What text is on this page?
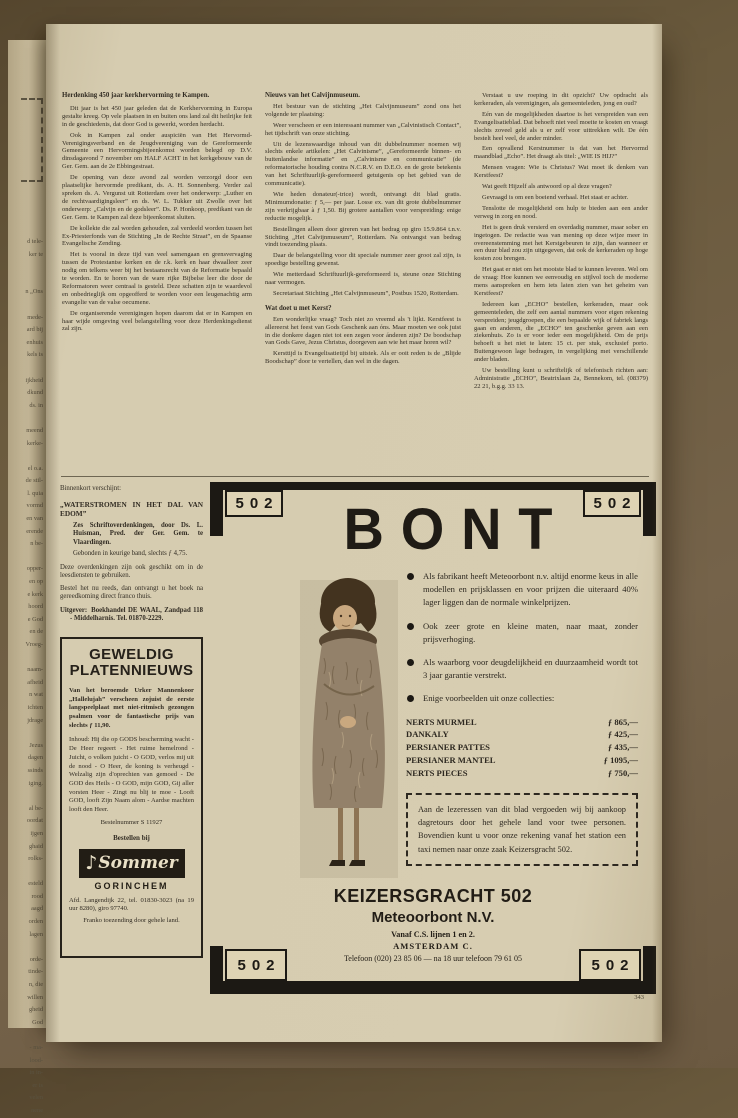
d tele-
ker te
n „Ons
mede-
ard bij
enhuis
kels is
ijkheid
dkund
ds. in
meend
kerke-
el o.a.
de stil-
l. quia
vormd
en van
erende
n be-
opper-
en op
e kerk
hoord
e God
en de
Vroeg-
naam-
afheid
n wat
ichten
jdrage
Jezus
dagen
ssinds
iging.
al be-
oordat
ijgen
ghaid
rolks-
esteld
rood
aagd
orden
lagen
orde-
tinde-
n, die
willen
gheid
God
- ma-
lood-
in in-
er is
velen
nene
Herdenking 450 jaar kerkhervorming te Kampen.

Dit jaar is het 450 jaar geleden dat de Kerkhervorming in Europa gestalte kreeg. Op vele plaatsen in en buiten ons land zal dit heilrijke feit in de geschiedenis, dat door God is gewerkt, worden herdacht.

Ook in Kampen zal onder auspiciën van Het Hervormd- Verenigingsverband en de Jeugdvereniging van de Gereformeerde Gemeente een Hervormingsbijeenkomst worden belegd op D.V. dinsdagavond 7 november om HALF ACHT in het kerkgebouw van de Ger. Gem. aan de 2e Ebbingestraat.

De opening van deze avond zal worden verzorgd door een plaatselijke hervormde predikant, ds. A. H. Sonnenberg. Verder zal spreken ds. A. Vergunst uit Rotterdam over het onderwerp: „Luther en de rechtvaardigingsleer” en ds. W. L. Tukker uit Zwolle over het onderwerp: „Calvijn en de godsleer”. Ds. P. Honkoop, predikant van de Ger. Gem. te Kampen zal deze bijeenkomst sluiten.

De kollekte die zal worden gehouden, zal verdeeld worden tussen het Ex-Priesterfonds van de Stichting „In de Rechte Straat”, en de Spaanse Evangelische Zending.

Het is vooral in deze tijd van veel samengaan en grensvervaging tussen de Protestantse kerken en de r.k. kerk en haar dwaalleer zeer nodig om telkens weer bij het bestaansrecht van de Reformatie bepaald te worden. En te horen van de ware rijke Bijbelse leer die door de Reformatoren weer centraal is gesteld. Deze schatten zijn te waardevol en onbedrieglijk om opgeofferd te worden voor een leugenachtig arm evangelie van de valse oecumene.

De organiserende verenigingen hopen daarom dat er in Kampen en haar wijde omgeving veel belangstelling voor deze Herdenkingsdienst zal zijn.

Nieuws van het Calvijnmuseum.

Het bestuur van de stichting „Het Calvijnmuseum” zond ons het volgende ter plaatsing:

Weer verscheen er een interessant nummer van „Calvinistisch Contact”, het tijdschrift van onze stichting.

Uit de lezenswaardige inhoud van dit dubbelnummer noemen wij slechts enkele artikelen: „Het Calvinisme”, „Gereformeerde binnen- en buitenlandse informatie” en „Calvinisme en communicatie” (de reformatorische houding contra N.C.R.V. en D.E.O. en de grote betekenis van het Schriftuurlijk-gereformeerd getuigenis op het gebied van de communicatie).

Wie heden donateur(-trice) wordt, ontvangt dit blad gratis. Minimumdonatie: ƒ 5,— per jaar. Losse ex. van dit grote dubbelnummer zijn verkrijgbaar à ƒ 1,50. Bij grotere aantallen voor verspreiding: enige reductie mogelijk.

Bestellingen alleen door gireren van het bedrag op giro 15.9.864 t.n.v. Stichting „Het Calvijnmuseum”, Rotterdam. Na ontvangst van bedrag vindt toezending plaats.

Daar de belangstelling voor dit speciale nummer zeer groot zal zijn, is spoedige bestelling gewenst.

Wie metterdaad Schriftuurlijk-gereformeerd is, steune onze Stichting naar vermogen.

Secretariaat Stichting „Het Calvijnmuseum”, Postbus 1520, Rotterdam.

Wat doet u met Kerst?

Een wonderlijke vraag? Toch niet zo vreemd als 't lijkt. Kerstfeest is allereerst het feest van Gods Geschenk aan óns. Maar moeten we ook juist in die donkere dagen niet tot een zegen voor ánderen zijn? De boodschap van Gods Gave, Jezus Christus, doorgeven aan wie het maar horen wil?

Kersttijd is Evangelisatietijd bij uitstek. Als er ooit reden is de „Blijde Boodschap” door te vertellen, dan wel in die dagen.

Verstaat u uw roeping in dit opzicht? Uw opdracht als kerkeraden, als verenigingen, als gemeenteleden, jong en oud?

Eén van de mogelijkheden daartoe is het verspreiden van een Evangelisatieblad. Dat behoeft niet veel moeite te kosten en vraagt slechts zoveel geld als u er zelf voor uittrekken wilt. De één bestelt heel veel, de ander minder.

Een opvallend Kerstnummer is dat van het Hervormd maandblad „Echo”. Het draagt als titel: „WIE IS HIJ?”

Mensen vragen: Wie is Christus? Wat moet ik denken van Kerstfeest?

Wat geeft Hijzelf als antwoord op al deze vragen?

Gevraagd is om een boeiend verhaal. Het staat er achter.

Tenslotte de mogelijkheid om hulp te bieden aan een ander verweg in zorg en nood.

Het is geen druk versierd en overdadig nummer, maar sober en ingetogen. De redactie was van mening op deze wijze meer in overeenstemming met het Kerstgebeuren te zijn, dan wanneer er een duur blad zou zijn uitgegeven, dat ook de kerkeraden op hoge kosten zou brengen.

Het gaat er niet om het mooiste blad te kunnen leveren. Wel om de vraag: Hoe kunnen we eenvoudig en stijlvol toch de moderne mens aanspreken en hem iets laten zien van het geheim van Kerstfeest?

Iedereen kan „ECHO” bestellen, kerkeraden, maar ook gemeenteleden, die zelf een aantal nummers voor eigen rekening verspreiden; jeugdgroepen, die een bepaalde wijk of fabriek langs gaan en anderen, die „ECHO” ten geschenke geven aan een ziekenhuis. Zo is er voor ieder een mogelijkheid. Om de prijs behoeft u het niet te laten: 15 ct. per stuk, exclusief porto. Buitengewoon lage bedragen, in vergelijking met verschillende ander bladen.

Uw bestelling kunt u schriftelijk of telefonisch richten aan: Administratie „ECHO”, Beatrixlaan 2a, Bennekom, tel. (08379) 22 21, b.g.g. 33 13.

Binnenkort verschijnt:
„WATERSTROMEN IN HET DAL VAN EDOM”
Zes Schriftoverdenkingen, door Ds. L. Huisman, Pred. der Ger. Gem. te Vlaardingen.
Gebonden in keurige band, slechts ƒ 4,75.
Deze overdenkingen zijn ook geschikt om in de leesdiensten te gebruiken.
Bestel het nu reeds, dan ontvangt u het boek na gereedkoming direct franco thuis.
Uitgever: Boekhandel DE WAAL, Zandpad 118 - Middelharnis. Tel. 01870-2229.
GEWELDIG
PLATENNIEUWS
Van het beroemde Urker Mannenkoor „Hallelujah” verscheen zojuist de eerste langspeelplaat met niet-ritmisch gezongen psalmen voor de fantastische prijs van slechts ƒ 11,90.
Inhoud: Hij die op GODS bescherming wacht - De Heer regeert - Het ruime hemelrond - Juicht, o volken juicht - O GOD, verlos mij uit de nood - O Heer, de koning is verheugd - Welzalig zijn d'oprechten van gemoed - De GOD des Heils - O GOD, mijn GOD, Gij aller vorsten Heer - Zingt nu blij te moe - Looft GOD, looft Zijn Naam alom - Aardse machten looft den Heer.
Bestelnummer S 11927
Bestellen bij
♪
Sommer
GORINCHEM
Afd. Langendijk 22, tel. 01830-3023 (na 19 uur 8280), giro 97740.
Franko toezending door gehele land.
502	502
502	502
BONT
Als fabrikant heeft Meteoorbont n.v. altijd enorme keus in alle modellen en prijsklassen en voor prijzen die uiteraard 40% lager liggen dan de normale winkelprijzen.
Ook zeer grote en kleine maten, naar maat, zonder prijsverhoging.
Als waarborg voor deugdelijkheid en duurzaamheid wordt tot 3 jaar garantie verstrekt.
Enige voorbeelden uit onze collecties:
NERTS MURMEL	ƒ 865,—
DANKALY	ƒ 425,—
PERSIANER PATTES	ƒ 435,—
PERSIANER MANTEL	ƒ 1095,—
NERTS PIECES	ƒ 750,—
Aan de lezeressen van dit blad vergoeden wij bij aankoop dagretours door het gehele land voor twee personen. Bovendien kunt u voor onze rekening vanaf het station een taxi nemen naar onze zaak Keizersgracht 502.
KEIZERSGRACHT 502
Meteoorbont N.V.
Vanaf C.S. lijnen 1 en 2.
AMSTERDAM C.
Telefoon (020) 23 85 06 — na 18 uur telefoon 79 61 05
343
